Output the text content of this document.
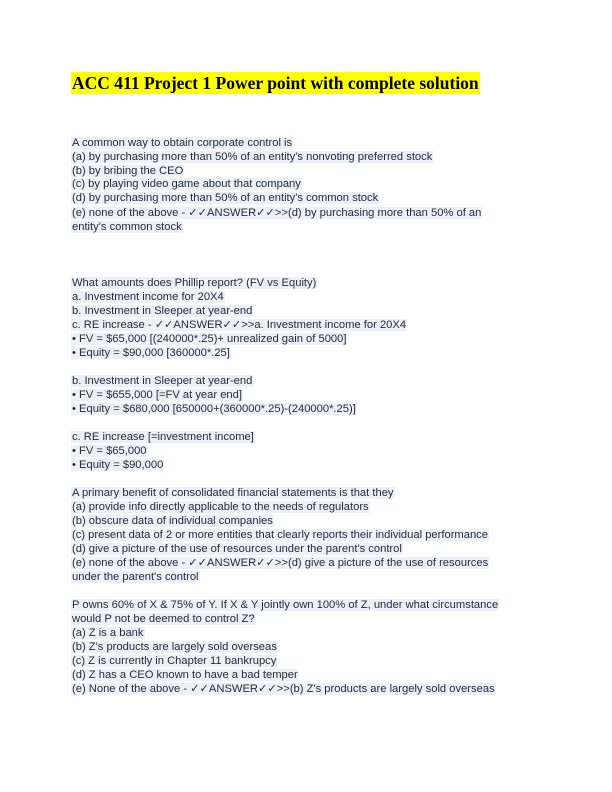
ACC 411 Project 1 Power point with complete solution
A common way to obtain corporate control is
(a) by purchasing more than 50% of an entity's nonvoting preferred stock
(b) by bribing the CEO
(c) by playing video game about that company
(d) by purchasing more than 50% of an entity's common stock
(e) none of the above - ✓✓ANSWER✓✓>>(d) by purchasing more than 50% of an
entity's common stock
What amounts does Phillip report? (FV vs Equity)
a. Investment income for 20X4
b. Investment in Sleeper at year-end
c. RE increase - ✓✓ANSWER✓✓>>a. Investment income for 20X4
• FV = $65,000 [(240000*.25)+ unrealized gain of 5000]
• Equity = $90,000 [360000*.25]
b. Investment in Sleeper at year-end
• FV = $655,000 [=FV at year end]
• Equity = $680,000 [650000+(360000*.25)-(240000*.25)]
c. RE increase [=investment income]
• FV = $65,000
• Equity = $90,000
A primary benefit of consolidated financial statements is that they
(a) provide info directly applicable to the needs of regulators
(b) obscure data of individual companies
(c) present data of 2 or more entities that clearly reports their individual performance
(d) give a picture of the use of resources under the parent's control
(e) none of the above - ✓✓ANSWER✓✓>>(d) give a picture of the use of resources
under the parent's control
P owns 60% of X & 75% of Y. If X & Y jointly own 100% of Z, under what circumstance
would P not be deemed to control Z?
(a) Z is a bank
(b) Z's products are largely sold overseas
(c) Z is currently in Chapter 11 bankrupcy
(d) Z has a CEO known to have a bad temper
(e) None of the above - ✓✓ANSWER✓✓>>(b) Z's products are largely sold overseas
